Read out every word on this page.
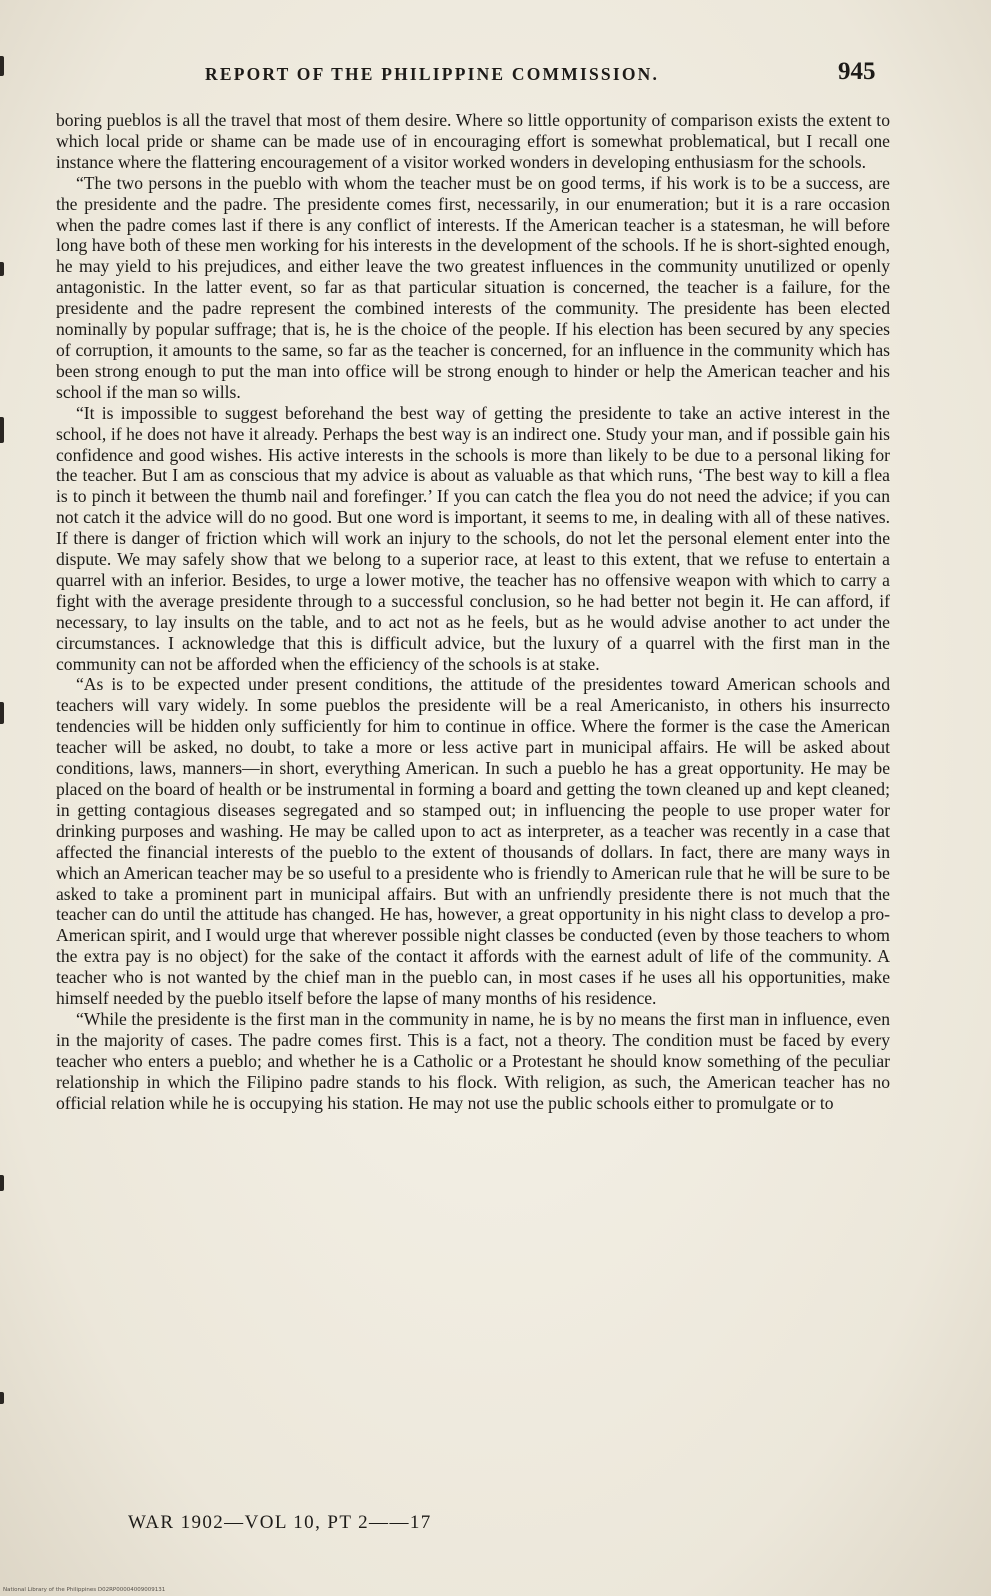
REPORT OF THE PHILIPPINE COMMISSION.	945

boring pueblos is all the travel that most of them desire. Where so little opportunity of comparison exists the extent to which local pride or shame can be made use of in encouraging effort is somewhat problematical, but I recall one instance where the flattering encouragement of a visitor worked wonders in developing enthusiasm for the schools.

“The two persons in the pueblo with whom the teacher must be on good terms, if his work is to be a success, are the presidente and the padre. The presidente comes first, necessarily, in our enumeration; but it is a rare occasion when the padre comes last if there is any conflict of interests. If the American teacher is a statesman, he will before long have both of these men working for his interests in the development of the schools. If he is short-sighted enough, he may yield to his prejudices, and either leave the two greatest influences in the community unutilized or openly antagonistic. In the latter event, so far as that particular situation is concerned, the teacher is a failure, for the presidente and the padre represent the combined interests of the community. The presidente has been elected nominally by popular suffrage; that is, he is the choice of the people. If his election has been secured by any species of corruption, it amounts to the same, so far as the teacher is concerned, for an influence in the community which has been strong enough to put the man into office will be strong enough to hinder or help the American teacher and his school if the man so wills.

“It is impossible to suggest beforehand the best way of getting the presidente to take an active interest in the school, if he does not have it already. Perhaps the best way is an indirect one. Study your man, and if possible gain his confidence and good wishes. His active interests in the schools is more than likely to be due to a personal liking for the teacher. But I am as conscious that my advice is about as valuable as that which runs, ‘The best way to kill a flea is to pinch it between the thumb nail and forefinger.’ If you can catch the flea you do not need the advice; if you can not catch it the advice will do no good. But one word is important, it seems to me, in dealing with all of these natives. If there is danger of friction which will work an injury to the schools, do not let the personal element enter into the dispute. We may safely show that we belong to a superior race, at least to this extent, that we refuse to entertain a quarrel with an inferior. Besides, to urge a lower motive, the teacher has no offensive weapon with which to carry a fight with the average presidente through to a successful conclusion, so he had better not begin it. He can afford, if necessary, to lay insults on the table, and to act not as he feels, but as he would advise another to act under the circumstances. I acknowledge that this is difficult advice, but the luxury of a quarrel with the first man in the community can not be afforded when the efficiency of the schools is at stake.

“As is to be expected under present conditions, the attitude of the presidentes toward American schools and teachers will vary widely. In some pueblos the presidente will be a real Americanisto, in others his insurrecto tendencies will be hidden only sufficiently for him to continue in office. Where the former is the case the American teacher will be asked, no doubt, to take a more or less active part in municipal affairs. He will be asked about conditions, laws, manners—in short, everything American. In such a pueblo he has a great opportunity. He may be placed on the board of health or be instrumental in forming a board and getting the town cleaned up and kept cleaned; in getting contagious diseases segregated and so stamped out; in influencing the people to use proper water for drinking purposes and washing. He may be called upon to act as interpreter, as a teacher was recently in a case that affected the financial interests of the pueblo to the extent of thousands of dollars. In fact, there are many ways in which an American teacher may be so useful to a presidente who is friendly to American rule that he will be sure to be asked to take a prominent part in municipal affairs. But with an unfriendly presidente there is not much that the teacher can do until the attitude has changed. He has, however, a great opportunity in his night class to develop a pro-American spirit, and I would urge that wherever possible night classes be conducted (even by those teachers to whom the extra pay is no object) for the sake of the contact it affords with the earnest adult of life of the community. A teacher who is not wanted by the chief man in the pueblo can, in most cases if he uses all his opportunities, make himself needed by the pueblo itself before the lapse of many months of his residence.

“While the presidente is the first man in the community in name, he is by no means the first man in influence, even in the majority of cases. The padre comes first. This is a fact, not a theory. The condition must be faced by every teacher who enters a pueblo; and whether he is a Catholic or a Protestant he should know something of the peculiar relationship in which the Filipino padre stands to his flock. With religion, as such, the American teacher has no official relation while he is occupying his station. He may not use the public schools either to promulgate or to

WAR 1902—VOL 10, PT 2——17
National Library of the Philippines D02RP00004009009131
